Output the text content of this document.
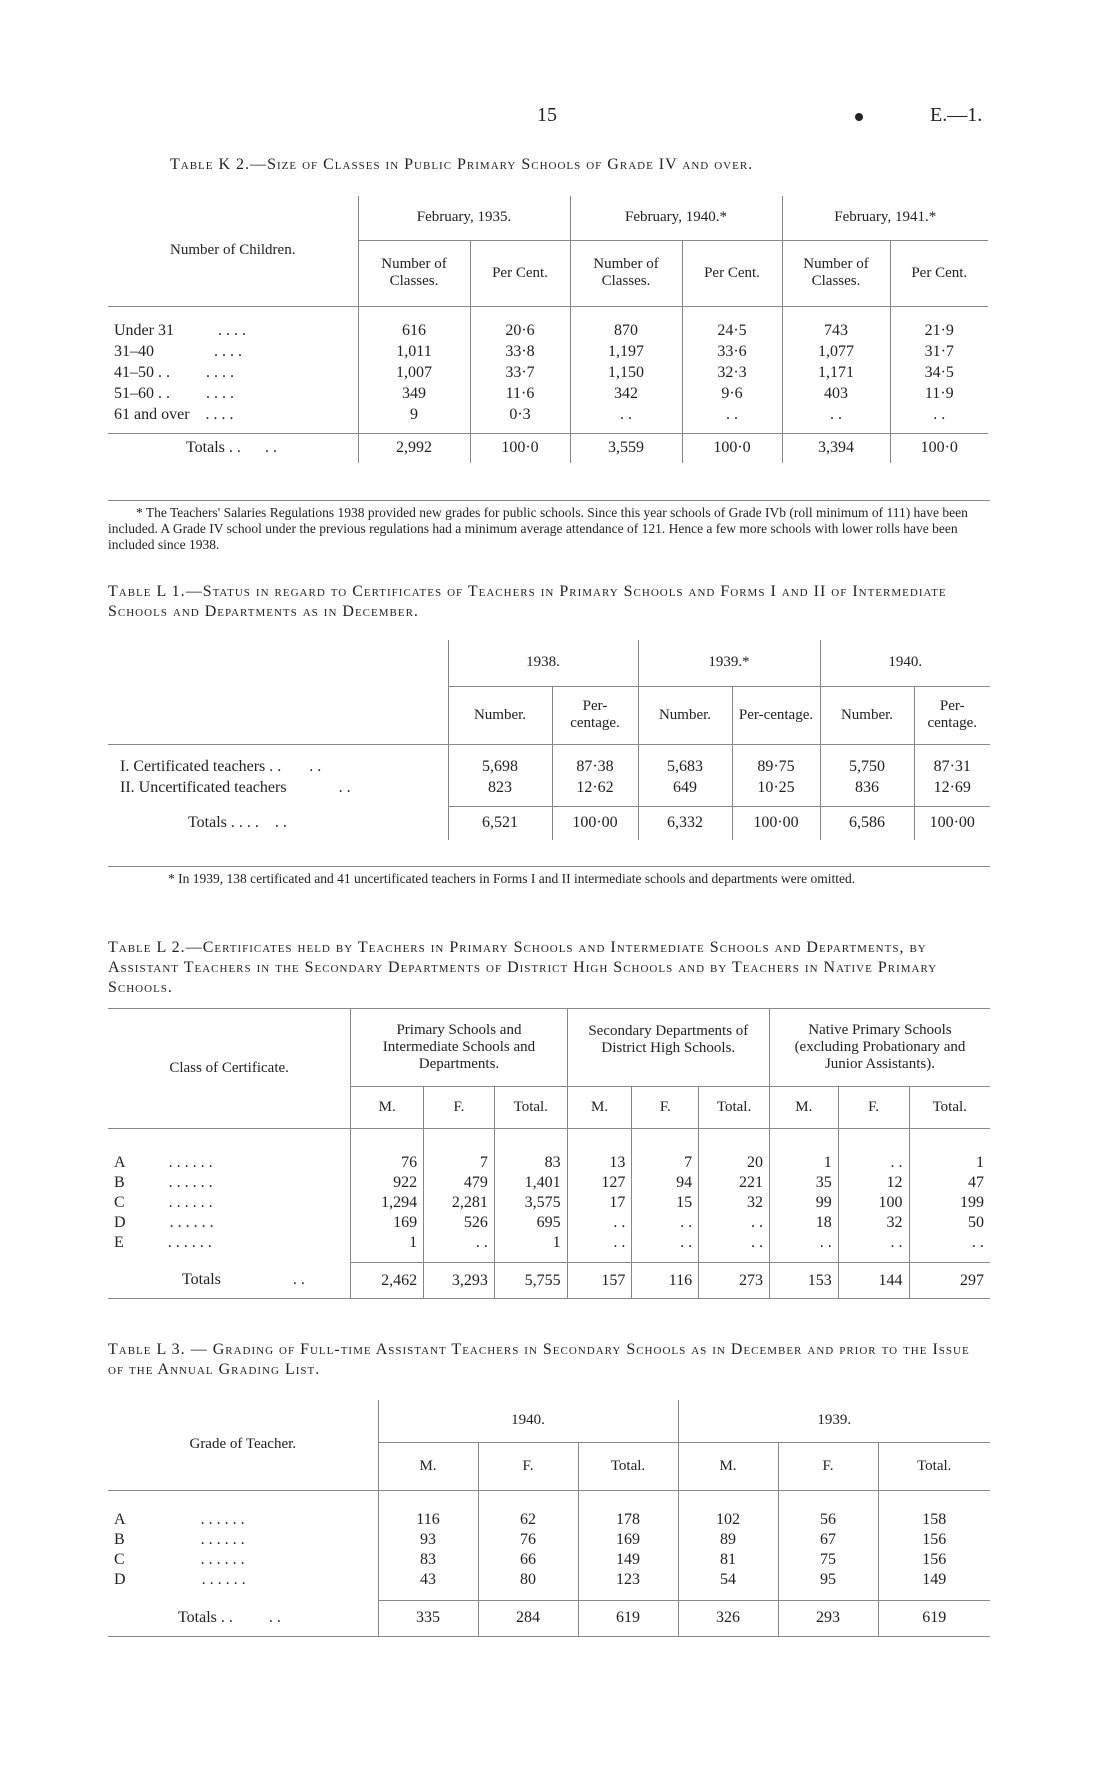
15	E.—1.
Table K 2.—Size of Classes in Public Primary Schools of Grade IV and over.
Number of Children.	February, 1935.		February, 1940.*		February, 1941.*	
	Number of Classes.	Per Cent.	Number of Classes.	Per Cent.	Number of Classes.	Per Cent.

Under 31 . . . .	616	20·6	870	24·5	743	21·9
31–40 . . . .	1,011	33·8	1,197	33·6	1,077	31·7
41–50 . . . . . .	1,007	33·7	1,150	32·3	1,171	34·5
51–60 . . . . . .	349	11·6	342	9·6	403	11·9
61 and over . . . .	9	0·3	. .	. .	. .	. .

Totals . . . .	2,992	100·0	3,559	100·0	3,394	100·0
* The Teachers' Salaries Regulations 1938 provided new grades for public schools. Since this year schools of Grade IVb (roll minimum of 111) have been included. A Grade IV school under the previous regulations had a minimum average attendance of 121. Hence a few more schools with lower rolls have been included since 1938.
Table L 1.—Status in regard to Certificates of Teachers in Primary Schools and Forms I and II of Intermediate Schools and Departments as in December.
	1938.		1939.*		1940.	
	Number.	Per-centage.	Number.	Per-centage.	Number.	Per-centage.

I. Certificated teachers . . . .	5,698	87·38	5,683	89·75	5,750	87·31
II. Uncertificated teachers . .	823	12·62	649	10·25	836	12·69

Totals . . . . . .	6,521	100·00	6,332	100·00	6,586	100·00
* In 1939, 138 certificated and 41 uncertificated teachers in Forms I and II intermediate schools and departments were omitted.
Table L 2.—Certificates held by Teachers in Primary Schools and Intermediate Schools and Departments, by Assistant Teachers in the Secondary Departments of District High Schools and by Teachers in Native Primary Schools.
Class of Certificate.	Primary Schools and Intermediate Schools and Departments.			Secondary Departments of District High Schools.			Native Primary Schools (excluding Probationary and Junior Assistants).		
	M.	F.	Total.	M.	F.	Total.	M.	F.	Total.

A . . . . . .	76	7	83	13	7	20	1	. .	1
B . . . . . .	922	479	1,401	127	94	221	35	12	47
C . . . . . .	1,294	2,281	3,575	17	15	32	99	100	199
D . . . . . .	169	526	695	. .	. .	. .	18	32	50
E . . . . . .	1	. .	1	. .	. .	. .	. .	. .	. .

Totals . .	2,462	3,293	5,755	157	116	273	153	144	297
Table L 3. — Grading of Full-time Assistant Teachers in Secondary Schools as in December and prior to the Issue of the Annual Grading List.
Grade of Teacher.	1940.			1939.		
	M.	F.	Total.	M.	F.	Total.

A . . . . . .	116	62	178	102	56	158
B . . . . . .	93	76	169	89	67	156
C . . . . . .	83	66	149	81	75	156
D . . . . . .	43	80	123	54	95	149

Totals . . . .	335	284	619	326	293	619
